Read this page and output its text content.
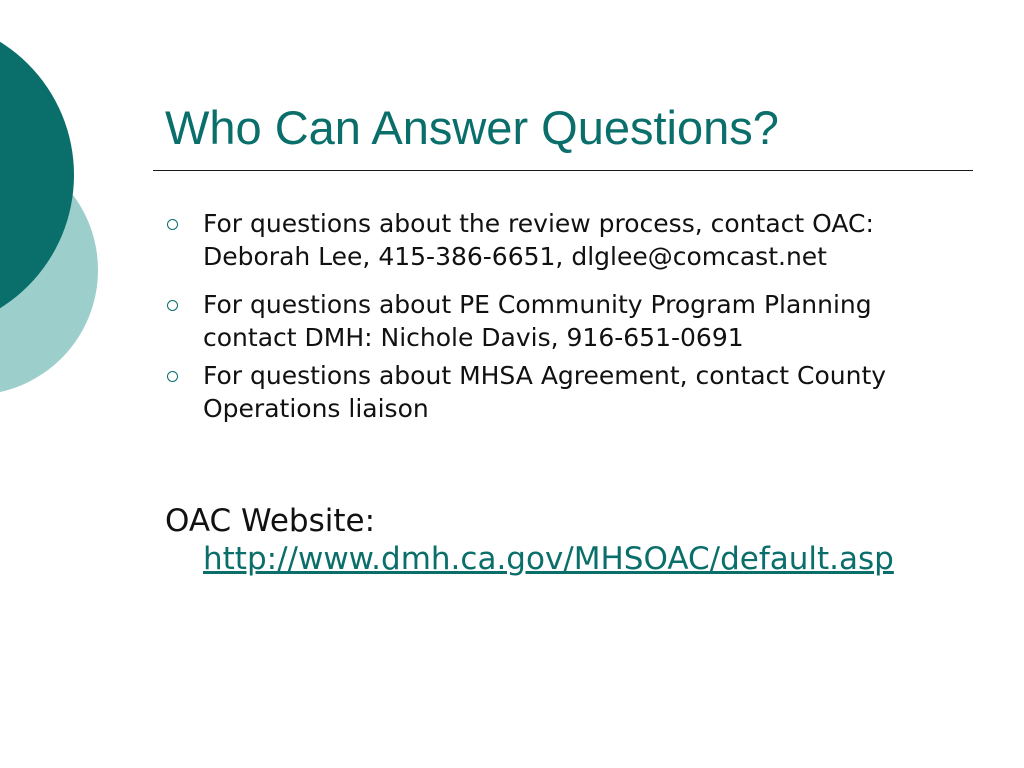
Who Can Answer Questions?
For questions about the review process, contact OAC: Deborah Lee, 415-386-6651, dlglee@comcast.net
For questions about PE Community Program Planning contact DMH: Nichole Davis, 916-651-0691
For questions about MHSA Agreement, contact County Operations liaison
OAC Website:
http://www.dmh.ca.gov/MHSOAC/default.asp
